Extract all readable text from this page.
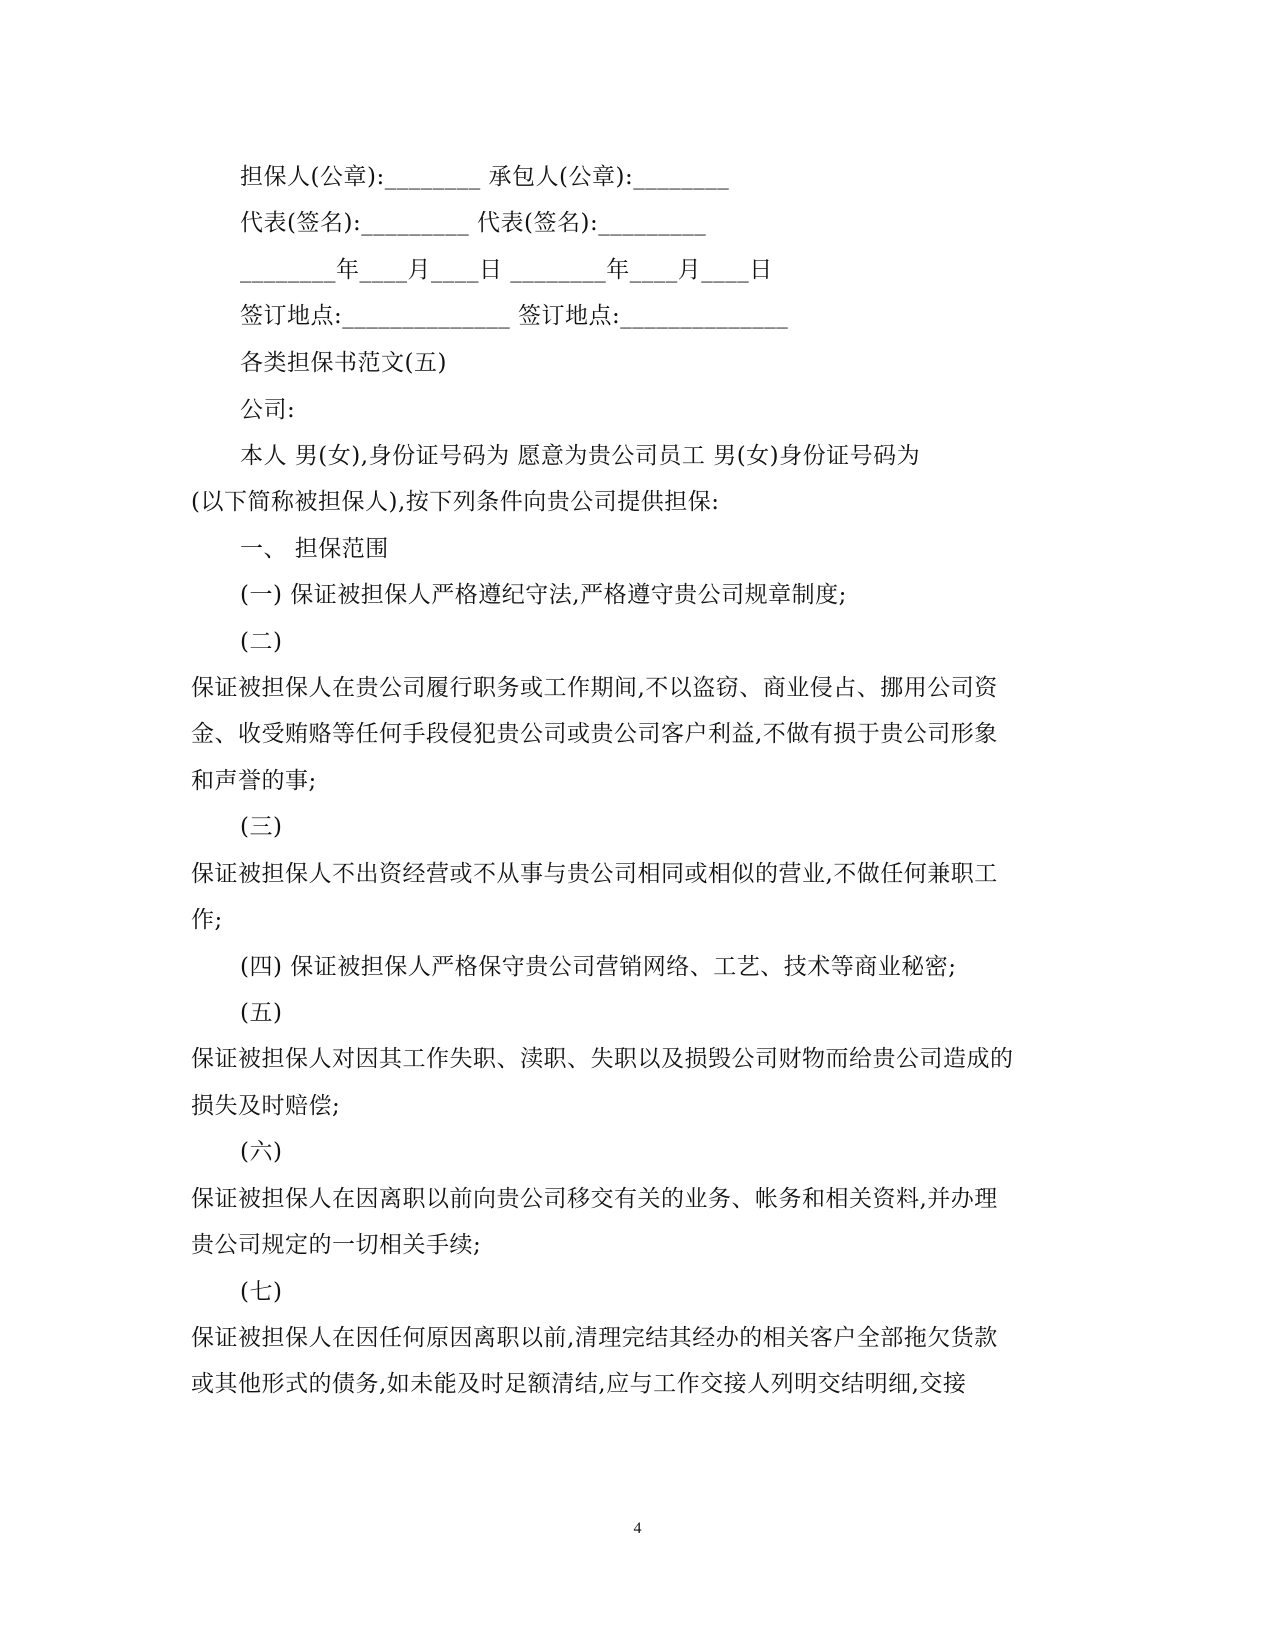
担保人(公章):________ 承包人(公章):________
代表(签名):_________ 代表(签名):_________
________年____月____日 ________年____月____日
签订地点:______________ 签订地点:______________
各类担保书范文(五)
公司:
本人 男(女),身份证号码为 愿意为贵公司员工 男(女)身份证号码为
(以下简称被担保人),按下列条件向贵公司提供担保:
一、 担保范围
(一) 保证被担保人严格遵纪守法,严格遵守贵公司规章制度;
(二)
保证被担保人在贵公司履行职务或工作期间,不以盗窃、商业侵占、挪用公司资
金、收受贿赂等任何手段侵犯贵公司或贵公司客户利益,不做有损于贵公司形象
和声誉的事;
(三)
保证被担保人不出资经营或不从事与贵公司相同或相似的营业,不做任何兼职工
作;
(四) 保证被担保人严格保守贵公司营销网络、工艺、技术等商业秘密;
(五)
保证被担保人对因其工作失职、渎职、失职以及损毁公司财物而给贵公司造成的
损失及时赔偿;
(六)
保证被担保人在因离职以前向贵公司移交有关的业务、帐务和相关资料,并办理
贵公司规定的一切相关手续;
(七)
保证被担保人在因任何原因离职以前,清理完结其经办的相关客户全部拖欠货款
或其他形式的债务,如未能及时足额清结,应与工作交接人列明交结明细,交接
4
